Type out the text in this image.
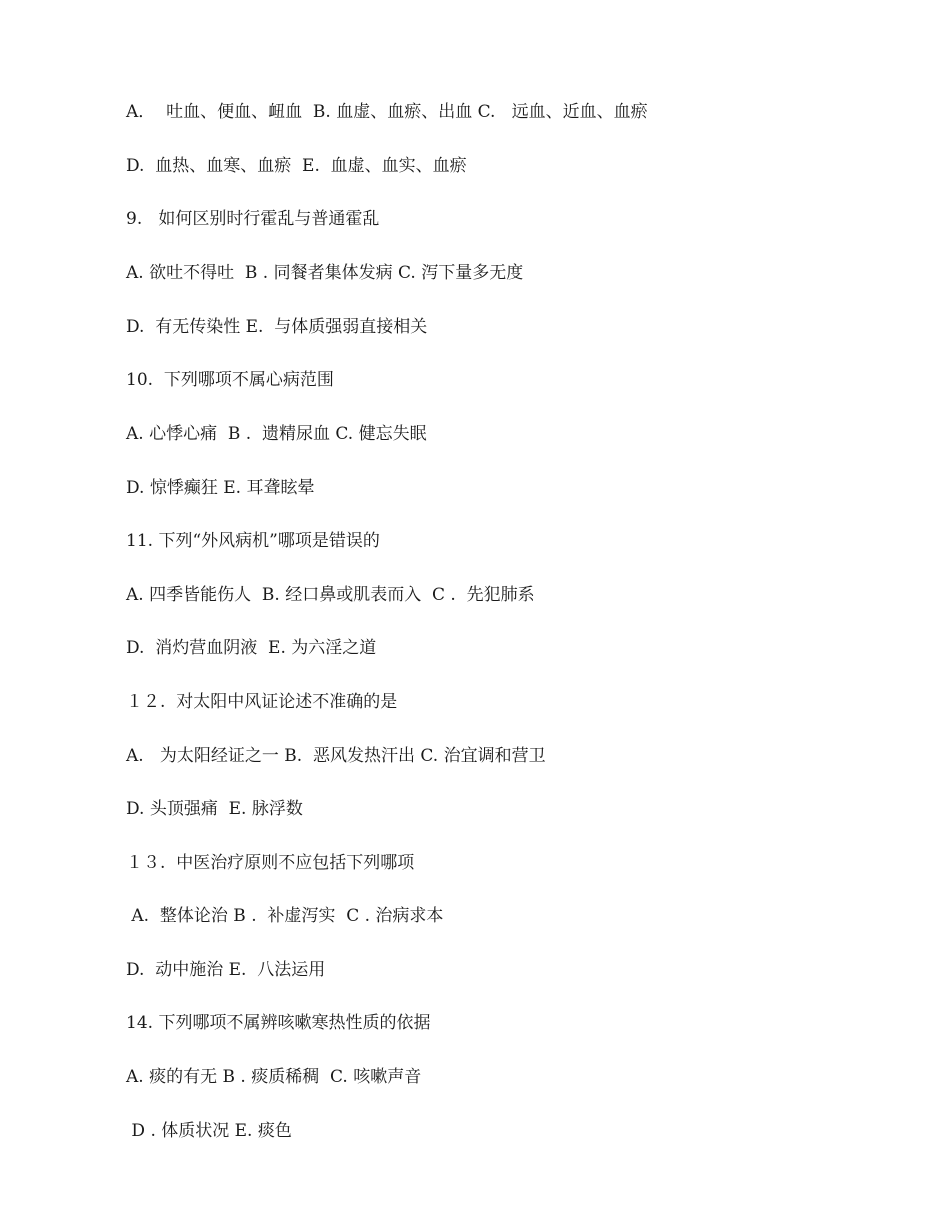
A．  吐血、便血、衄血  B. 血虚、血瘀、出血 C.   远血、近血、血瘀

D.  血热、血寒、血瘀  E.  血虚、血实、血瘀

9.   如何区别时行霍乱与普通霍乱

A. 欲吐不得吐  B . 同餐者集体发病 C. 泻下量多无度

D.  有无传染性 E.  与体质强弱直接相关

10.  下列哪项不属心病范围

A. 心悸心痛  B .  遗精尿血 C. 健忘失眠

D. 惊悸癫狂 E. 耳聋眩晕

11. 下列“外风病机”哪项是错误的

A. 四季皆能伤人  B. 经口鼻或肌表而入  C .  先犯肺系

D.  消灼营血阴液  E. 为六淫之道

１２.  对太阳中风证论述不准确的是

A.   为太阳经证之一 B.  恶风发热汗出 C. 治宜调和营卫

D. 头顶强痛  E. 脉浮数

１３.  中医治疗原则不应包括下列哪项

A.  整体论治 B .  补虚泻实  C . 治病求本

D.  动中施治 E.  八法运用

14. 下列哪项不属辨咳嗽寒热性质的依据

A. 痰的有无 B . 痰质稀稠  C. 咳嗽声音

D . 体质状况 E. 痰色
